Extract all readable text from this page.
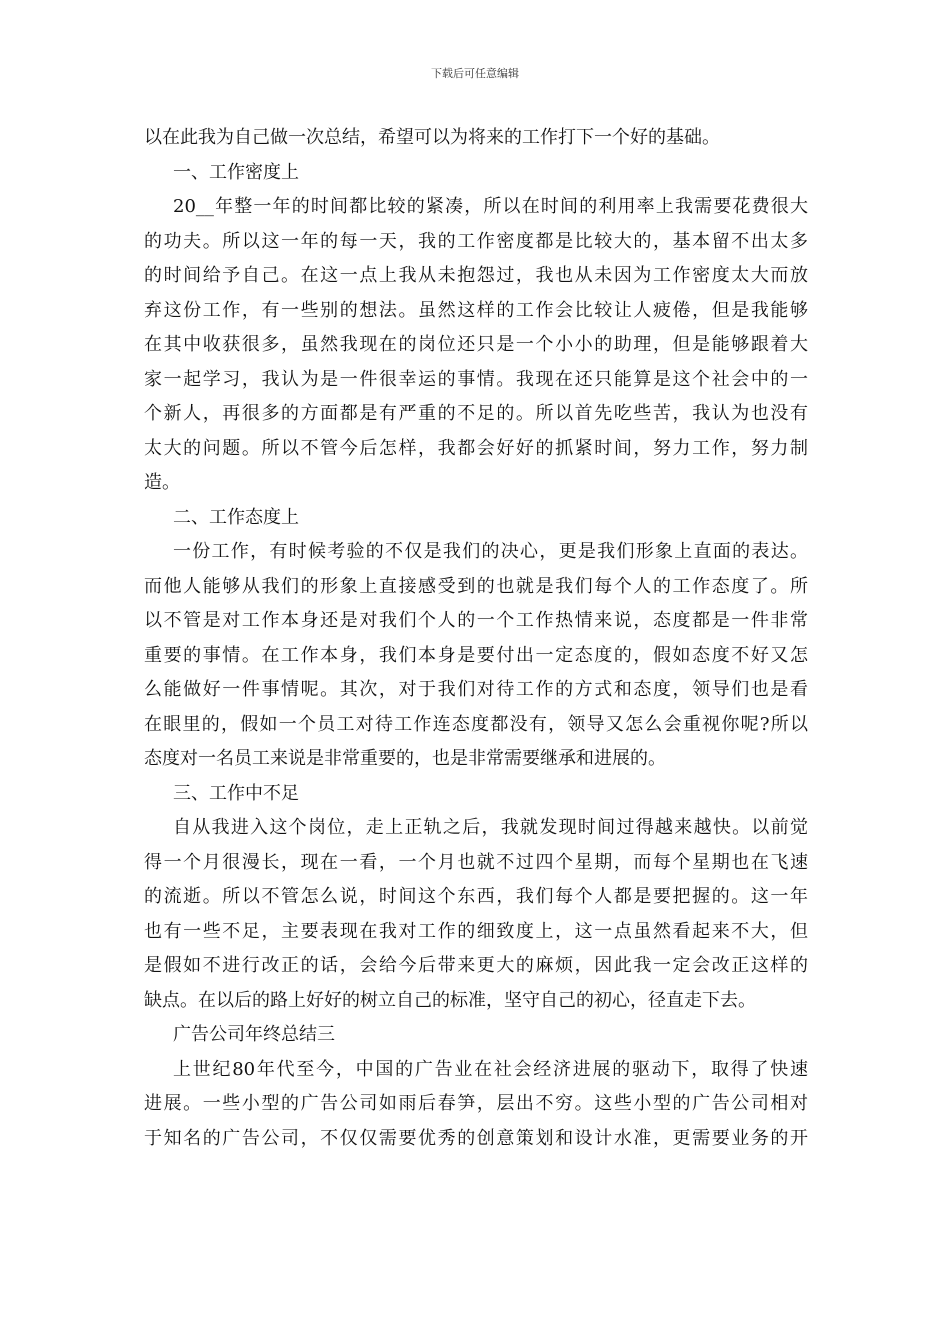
下载后可任意编辑
以在此我为自己做一次总结，希望可以为将来的工作打下一个好的基础。
一、工作密度上
20__年整一年的时间都比较的紧凑，所以在时间的利用率上我需要花费很大
的功夫。所以这一年的每一天，我的工作密度都是比较大的，基本留不出太多
的时间给予自己。在这一点上我从未抱怨过，我也从未因为工作密度太大而放
弃这份工作，有一些别的想法。虽然这样的工作会比较让人疲倦，但是我能够
在其中收获很多，虽然我现在的岗位还只是一个小小的助理，但是能够跟着大
家一起学习，我认为是一件很幸运的事情。我现在还只能算是这个社会中的一
个新人，再很多的方面都是有严重的不足的。所以首先吃些苦，我认为也没有
太大的问题。所以不管今后怎样，我都会好好的抓紧时间，努力工作，努力制
造。
二、工作态度上
一份工作，有时候考验的不仅是我们的决心，更是我们形象上直面的表达。
而他人能够从我们的形象上直接感受到的也就是我们每个人的工作态度了。所
以不管是对工作本身还是对我们个人的一个工作热情来说，态度都是一件非常
重要的事情。在工作本身，我们本身是要付出一定态度的，假如态度不好又怎
么能做好一件事情呢。其次，对于我们对待工作的方式和态度，领导们也是看
在眼里的，假如一个员工对待工作连态度都没有，领导又怎么会重视你呢?所以
态度对一名员工来说是非常重要的，也是非常需要继承和进展的。
三、工作中不足
自从我进入这个岗位，走上正轨之后，我就发现时间过得越来越快。以前觉
得一个月很漫长，现在一看，一个月也就不过四个星期，而每个星期也在飞速
的流逝。所以不管怎么说，时间这个东西，我们每个人都是要把握的。这一年
也有一些不足，主要表现在我对工作的细致度上，这一点虽然看起来不大，但
是假如不进行改正的话，会给今后带来更大的麻烦，因此我一定会改正这样的
缺点。在以后的路上好好的树立自己的标准，坚守自己的初心，径直走下去。
广告公司年终总结三
上世纪80年代至今，中国的广告业在社会经济进展的驱动下，取得了快速
进展。一些小型的广告公司如雨后春笋，层出不穷。这些小型的广告公司相对
于知名的广告公司，不仅仅需要优秀的创意策划和设计水准，更需要业务的开
